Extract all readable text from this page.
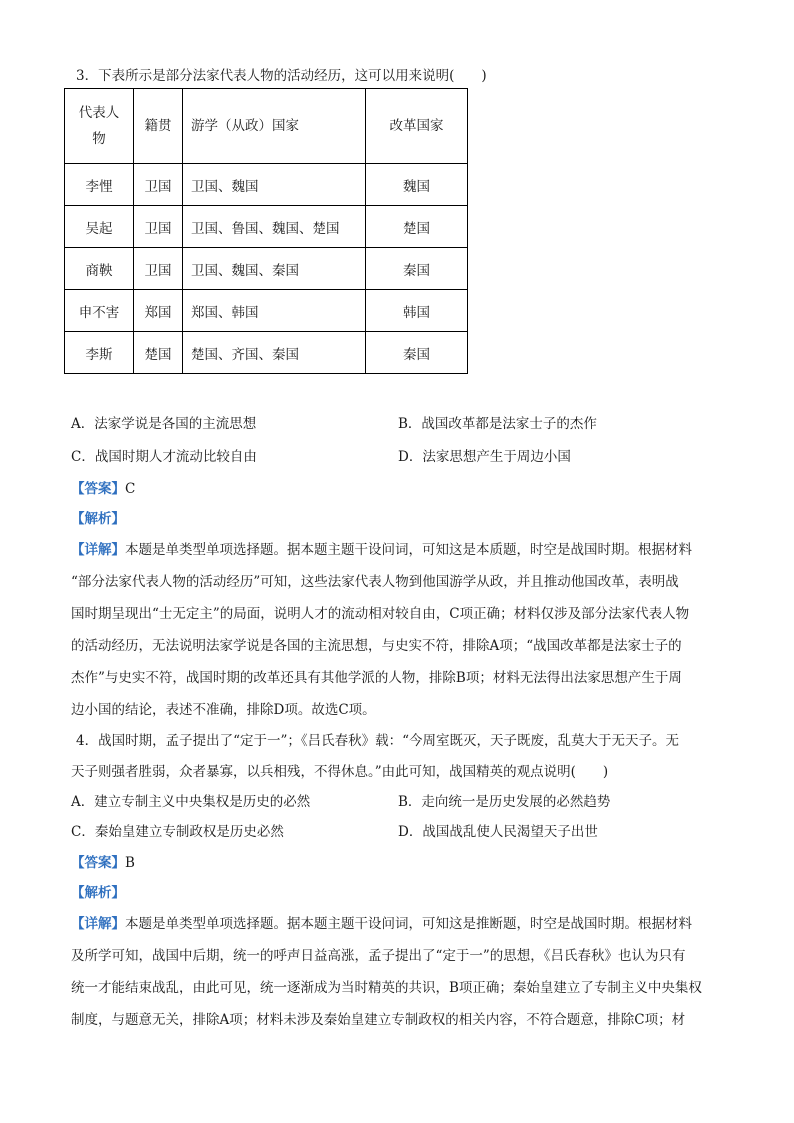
3．下表所示是部分法家代表人物的活动经历，这可以用来说明(　　)
代表人物	籍贯	游学（从政）国家	改革国家
李悝	卫国	卫国、魏国	魏国
吴起	卫国	卫国、鲁国、魏国、楚国	楚国
商鞅	卫国	卫国、魏国、秦国	秦国
申不害	郑国	郑国、韩国	韩国
李斯	楚国	楚国、齐国、秦国	秦国
A．法家学说是各国的主流思想	B．战国改革都是法家士子的杰作
C．战国时期人才流动比较自由	D．法家思想产生于周边小国
【答案】C
【解析】
【详解】本题是单类型单项选择题。据本题主题干设问词，可知这是本质题，时空是战国时期。根据材料
“部分法家代表人物的活动经历”可知，这些法家代表人物到他国游学从政，并且推动他国改革，表明战
国时期呈现出“士无定主”的局面，说明人才的流动相对较自由，C项正确；材料仅涉及部分法家代表人物
的活动经历，无法说明法家学说是各国的主流思想，与史实不符，排除A项；“战国改革都是法家士子的
杰作”与史实不符，战国时期的改革还具有其他学派的人物，排除B项；材料无法得出法家思想产生于周
边小国的结论，表述不准确，排除D项。故选C项。
4．战国时期，孟子提出了“定于一”；《吕氏春秋》载：“今周室既灭，天子既废，乱莫大于无天子。无
天子则强者胜弱，众者暴寡，以兵相残，不得休息。”由此可知，战国精英的观点说明(　　)
A．建立专制主义中央集权是历史的必然	B．走向统一是历史发展的必然趋势
C．秦始皇建立专制政权是历史必然	D．战国战乱使人民渴望天子出世
【答案】B
【解析】
【详解】本题是单类型单项选择题。据本题主题干设问词，可知这是推断题，时空是战国时期。根据材料
及所学可知，战国中后期，统一的呼声日益高涨，孟子提出了“定于一”的思想，《吕氏春秋》也认为只有
统一才能结束战乱，由此可见，统一逐渐成为当时精英的共识，B项正确；秦始皇建立了专制主义中央集权
制度，与题意无关，排除A项；材料未涉及秦始皇建立专制政权的相关内容，不符合题意，排除C项；材
